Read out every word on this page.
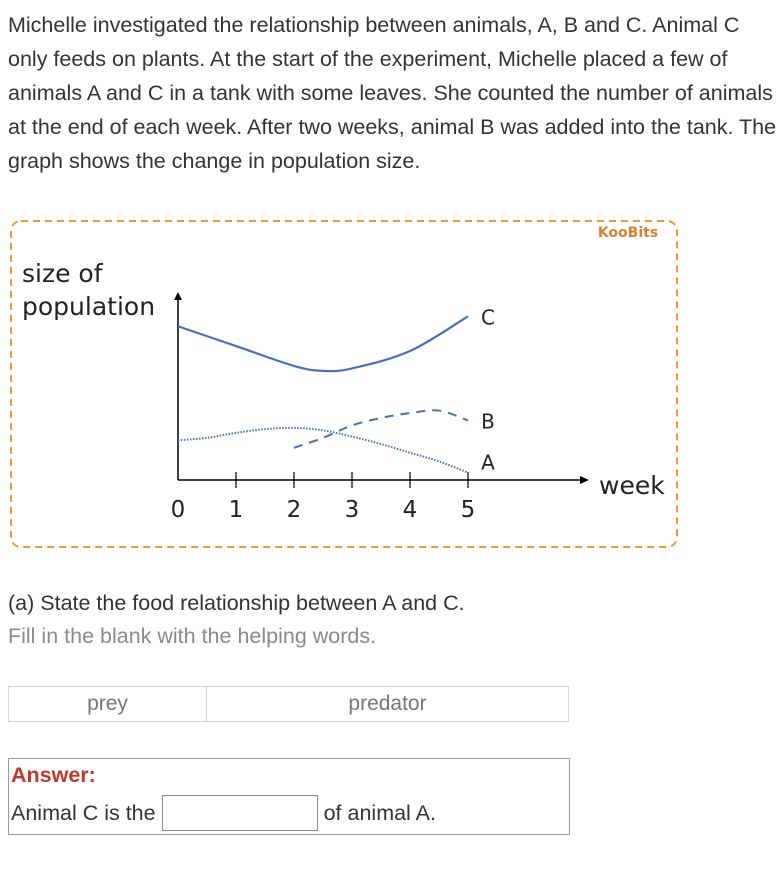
Michelle investigated the relationship between animals, A, B and C. Animal C only feeds on plants. At the start of the experiment, Michelle placed a few of animals A and C in a tank with some leaves. She counted the number of animals at the end of each week. After two weeks, animal B was added into the tank. The graph shows the change in population size.

KooBits
size of
population
week
0 1 2 3 4 5
C
B
A

(a) State the food relationship between A and C.

Fill in the blank with the helping words.

prey	predator
Answer:
Animal C is the	of animal A.
